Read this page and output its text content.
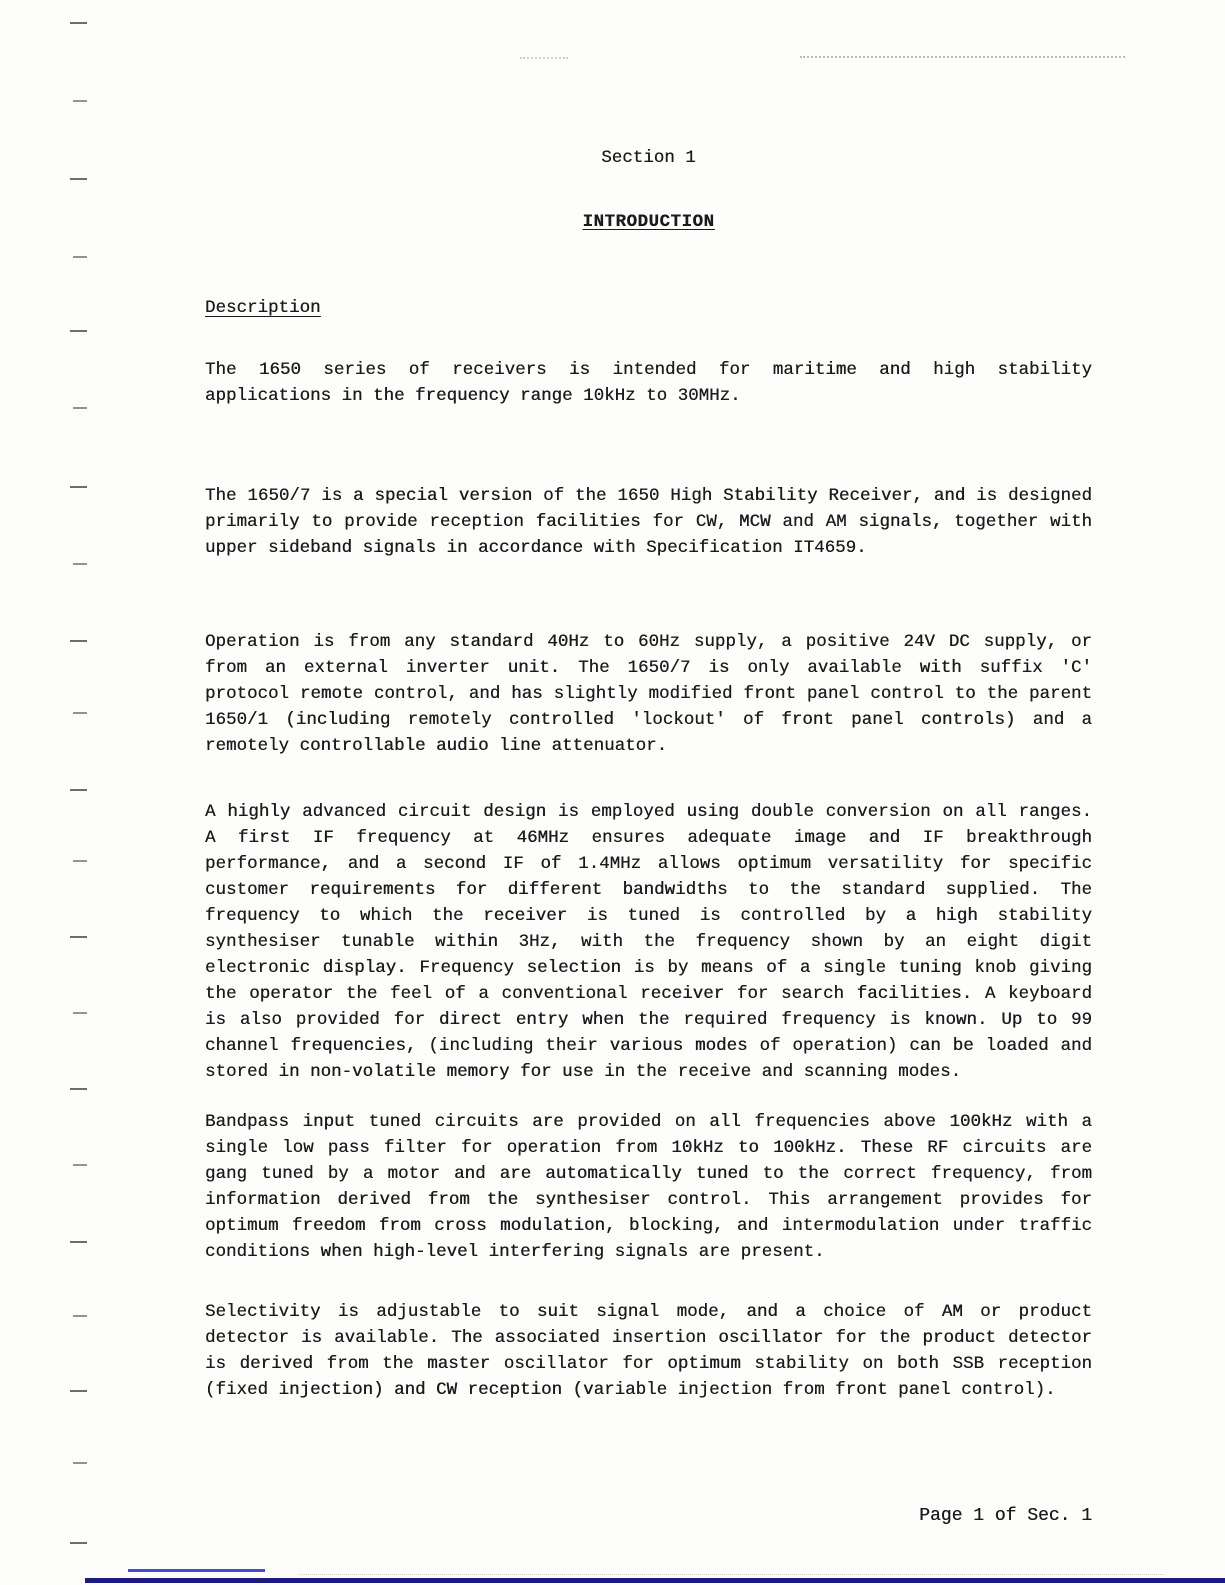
Section 1
INTRODUCTION
Description

The 1650 series of receivers is intended for maritime and high stability applications in the frequency range 10kHz to 30MHz.

The 1650/7 is a special version of the 1650 High Stability Receiver, and is designed primarily to provide reception facilities for CW, MCW and AM signals, together with upper sideband signals in accordance with Specification IT4659.

Operation is from any standard 40Hz to 60Hz supply, a positive 24V DC supply, or from an external inverter unit. The 1650/7 is only available with suffix 'C' protocol remote control, and has slightly modified front panel control to the parent 1650/1 (including remotely controlled 'lockout' of front panel controls) and a remotely controllable audio line attenuator.

A highly advanced circuit design is employed using double conversion on all ranges. A first IF frequency at 46MHz ensures adequate image and IF breakthrough performance, and a second IF of 1.4MHz allows optimum versatility for specific customer requirements for different bandwidths to the standard supplied. The frequency to which the receiver is tuned is controlled by a high stability synthesiser tunable within 3Hz, with the frequency shown by an eight digit electronic display. Frequency selection is by means of a single tuning knob giving the operator the feel of a conventional receiver for search facilities. A keyboard is also provided for direct entry when the required frequency is known. Up to 99 channel frequencies, (including their various modes of operation) can be loaded and stored in non-volatile memory for use in the receive and scanning modes.

Bandpass input tuned circuits are provided on all frequencies above 100kHz with a single low pass filter for operation from 10kHz to 100kHz. These RF circuits are gang tuned by a motor and are automatically tuned to the correct frequency, from information derived from the synthesiser control. This arrangement provides for optimum freedom from cross modulation, blocking, and intermodulation under traffic conditions when high-level interfering signals are present.

Selectivity is adjustable to suit signal mode, and a choice of AM or product detector is available. The associated insertion oscillator for the product detector is derived from the master oscillator for optimum stability on both SSB reception (fixed injection) and CW reception (variable injection from front panel control).

Page 1 of Sec. 1
